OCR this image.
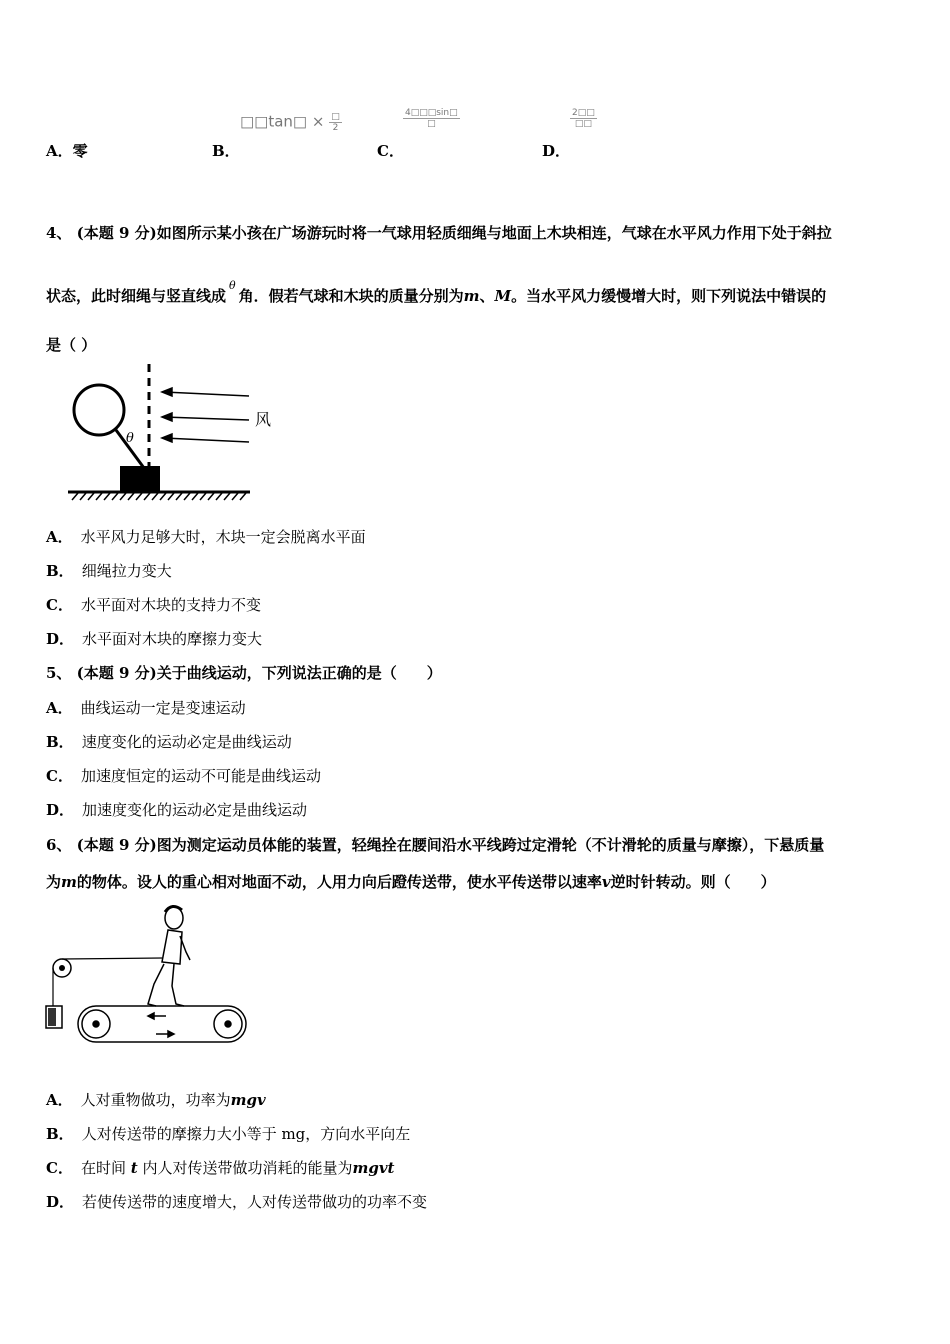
A．零	B．
□□tan□ × $\frac{□}{2}$
C．
$\frac{4□□□\sin□}{□}$
D．
$\frac{2□□}{□□}$
4、 (本题 9 分)如图所示某小孩在广场游玩时将一气球用轻质细绳与地面上木块相连，气球在水平风力作用下处于斜拉
状态，此时细绳与竖直线成$^\theta$角．假若气球和木块的质量分别为m、M。当水平风力缓慢增大时，则下列说法中错误的
是（ ）
风
θ
A． 水平风力足够大时，木块一定会脱离水平面
B． 细绳拉力变大
C． 水平面对木块的支持力不变
D． 水平面对木块的摩擦力变大
5、 (本题 9 分)关于曲线运动，下列说法正确的是（　　）
A． 曲线运动一定是变速运动
B． 速度变化的运动必定是曲线运动
C． 加速度恒定的运动不可能是曲线运动
D． 加速度变化的运动必定是曲线运动
6、 (本题 9 分)图为测定运动员体能的装置，轻绳拴在腰间沿水平线跨过定滑轮（不计滑轮的质量与摩擦），下悬质量
为m的物体。设人的重心相对地面不动，人用力向后蹬传送带，使水平传送带以速率v逆时针转动。则（　　）
A． 人对重物做功，功率为mgv
B． 人对传送带的摩擦力大小等于 mg，方向水平向左
C． 在时间 t 内人对传送带做功消耗的能量为mgvt
D． 若使传送带的速度增大，人对传送带做功的功率不变
